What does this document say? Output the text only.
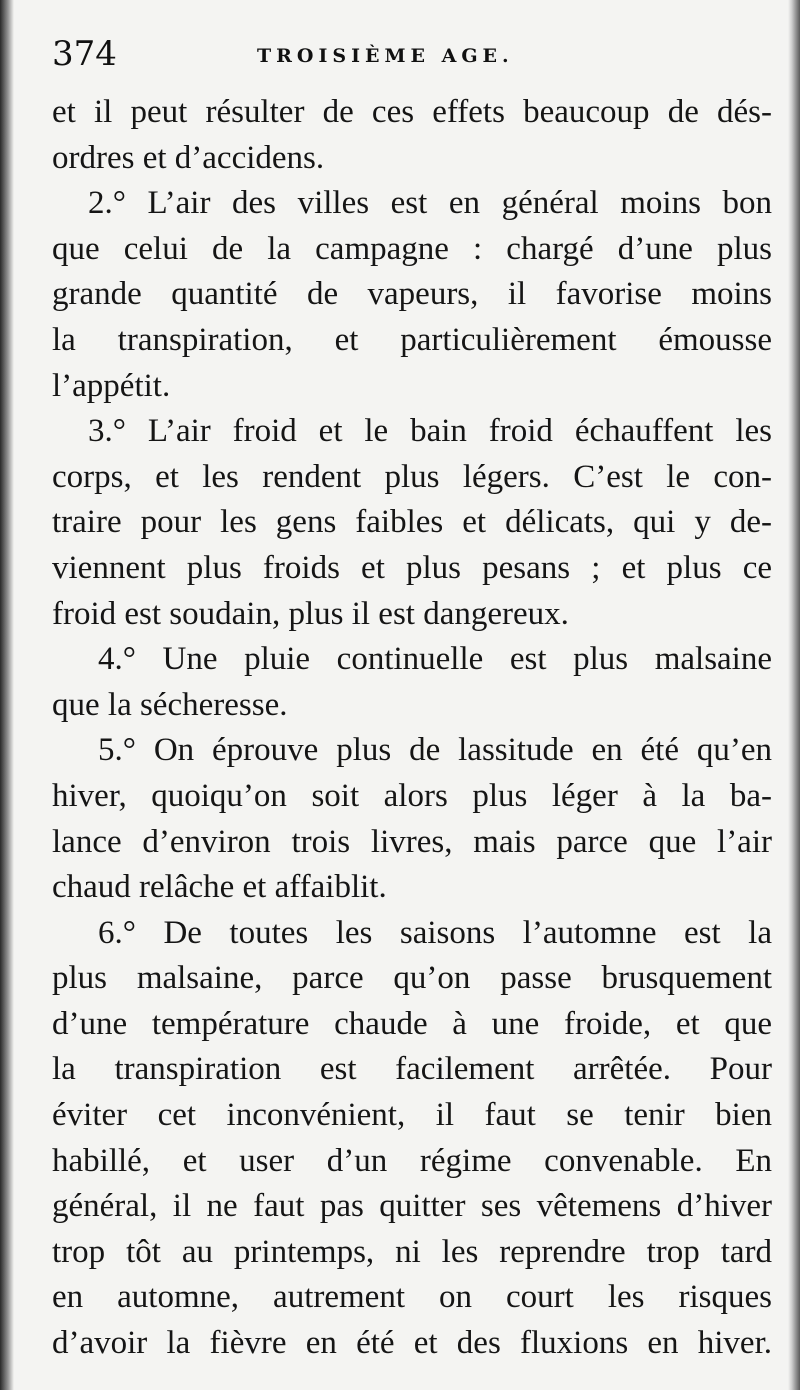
374	TROISIÈME AGE.
et il peut résulter de ces effets beaucoup de dés-
ordres et d’accidens.
2.° L’air des villes est en général moins bon
que celui de la campagne : chargé d’une plus
grande quantité de vapeurs, il favorise moins
la transpiration, et particulièrement émousse
l’appétit.
3.° L’air froid et le bain froid échauffent les
corps, et les rendent plus légers. C’est le con-
traire pour les gens faibles et délicats, qui y de-
viennent plus froids et plus pesans ; et plus ce
froid est soudain, plus il est dangereux.
4.° Une pluie continuelle est plus malsaine
que la sécheresse.
5.° On éprouve plus de lassitude en été qu’en
hiver, quoiqu’on soit alors plus léger à la ba-
lance d’environ trois livres, mais parce que l’air
chaud relâche et affaiblit.
6.° De toutes les saisons l’automne est la
plus malsaine, parce qu’on passe brusquement
d’une température chaude à une froide, et que
la transpiration est facilement arrêtée. Pour
éviter cet inconvénient, il faut se tenir bien
habillé, et user d’un régime convenable. En
général, il ne faut pas quitter ses vêtemens d’hiver
trop tôt au printemps, ni les reprendre trop tard
en automne, autrement on court les risques
d’avoir la fièvre en été et des fluxions en hiver.
